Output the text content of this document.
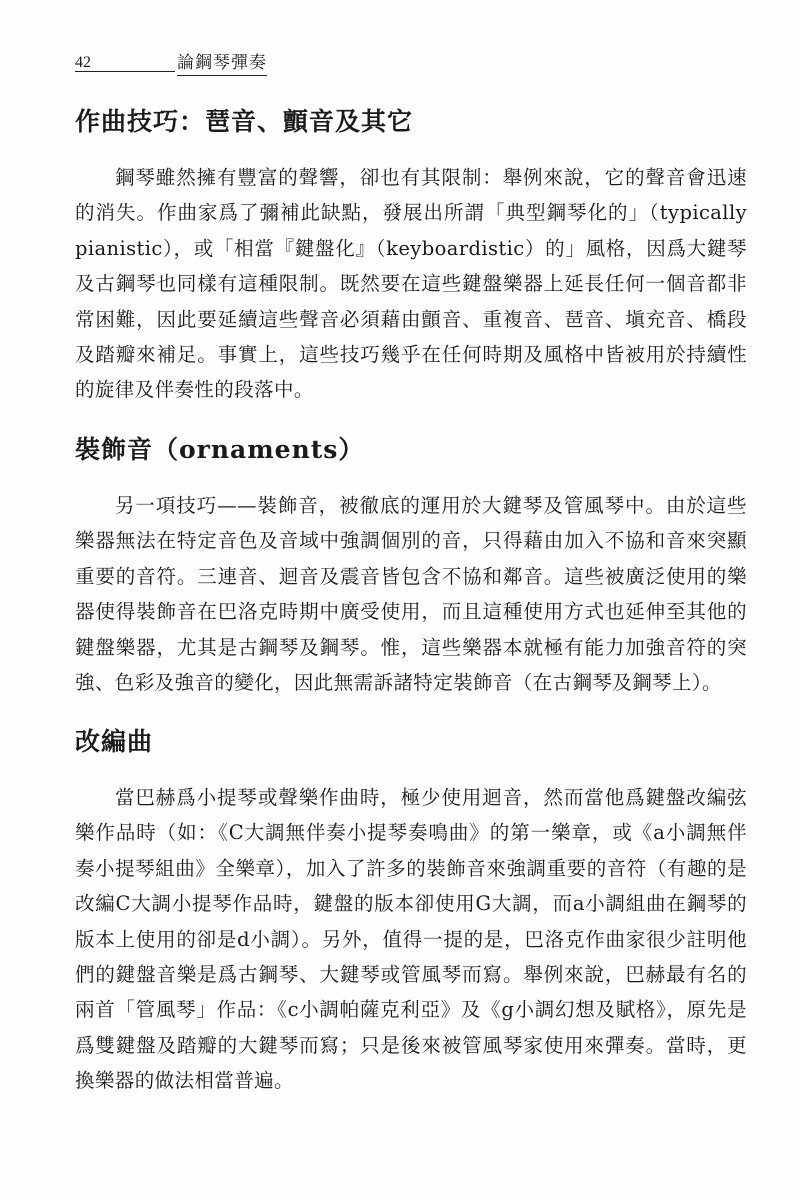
42	論鋼琴彈奏
作曲技巧：琶音、顫音及其它

鋼琴雖然擁有豐富的聲響，卻也有其限制：舉例來說，它的聲音會迅速的消失。作曲家爲了彌補此缺點，發展出所謂「典型鋼琴化的」（typically pianistic），或「相當『鍵盤化』（keyboardistic）的」風格，因爲大鍵琴及古鋼琴也同樣有這種限制。既然要在這些鍵盤樂器上延長任何一個音都非常困難，因此要延續這些聲音必須藉由顫音、重複音、琶音、塡充音、橋段及踏瓣來補足。事實上，這些技巧幾乎在任何時期及風格中皆被用於持續性的旋律及伴奏性的段落中。

裝飾音（ornaments）

另一項技巧——裝飾音，被徹底的運用於大鍵琴及管風琴中。由於這些樂器無法在特定音色及音域中強調個別的音，只得藉由加入不協和音來突顯重要的音符。三連音、迴音及震音皆包含不協和鄰音。這些被廣泛使用的樂器使得裝飾音在巴洛克時期中廣受使用，而且這種使用方式也延伸至其他的鍵盤樂器，尤其是古鋼琴及鋼琴。惟，這些樂器本就極有能力加強音符的突強、色彩及強音的變化，因此無需訴諸特定裝飾音（在古鋼琴及鋼琴上）。

改編曲

當巴赫爲小提琴或聲樂作曲時，極少使用迴音，然而當他爲鍵盤改編弦樂作品時（如：《C大調無伴奏小提琴奏鳴曲》的第一樂章，或《a小調無伴奏小提琴組曲》全樂章），加入了許多的裝飾音來強調重要的音符（有趣的是改編C大調小提琴作品時，鍵盤的版本卻使用G大調，而a小調組曲在鋼琴的版本上使用的卻是d小調）。另外，值得一提的是，巴洛克作曲家很少註明他們的鍵盤音樂是爲古鋼琴、大鍵琴或管風琴而寫。舉例來說，巴赫最有名的兩首「管風琴」作品：《c小調帕薩克利亞》及《g小調幻想及賦格》，原先是爲雙鍵盤及踏瓣的大鍵琴而寫；只是後來被管風琴家使用來彈奏。當時，更換樂器的做法相當普遍。
